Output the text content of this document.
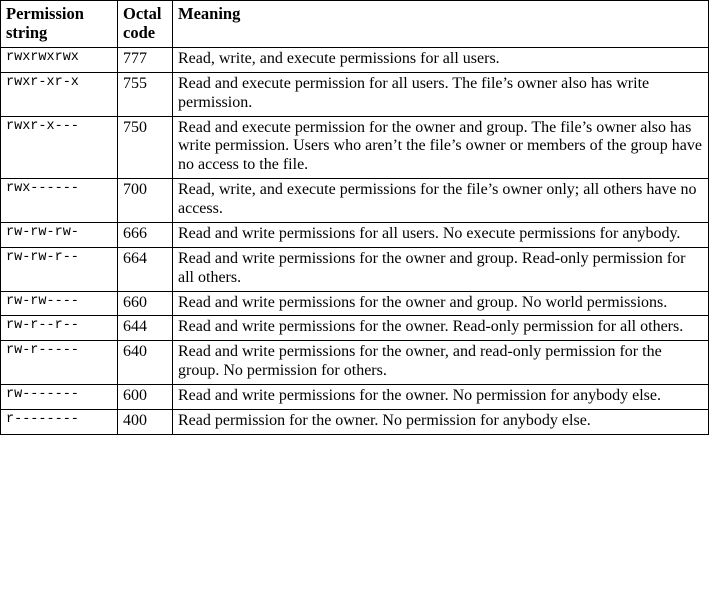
Permission string	Octal code	Meaning
rwxrwxrwx	777	Read, write, and execute permissions for all users.
rwxr-xr-x	755	Read and execute permission for all users. The file’s owner also has write permission.
rwxr-x---	750	Read and execute permission for the owner and group. The file’s owner also has write permission. Users who aren’t the file’s owner or members of the group have no access to the file.
rwx------	700	Read, write, and execute permissions for the file’s owner only; all others have no access.
rw-rw-rw-	666	Read and write permissions for all users. No execute permissions for anybody.
rw-rw-r--	664	Read and write permissions for the owner and group. Read-only permission for all others.
rw-rw----	660	Read and write permissions for the owner and group. No world permissions.
rw-r--r--	644	Read and write permissions for the owner. Read-only permission for all others.
rw-r-----	640	Read and write permissions for the owner, and read-only permission for the group. No permission for others.
rw-------	600	Read and write permissions for the owner. No permission for anybody else.
r--------	400	Read permission for the owner. No permission for anybody else.
